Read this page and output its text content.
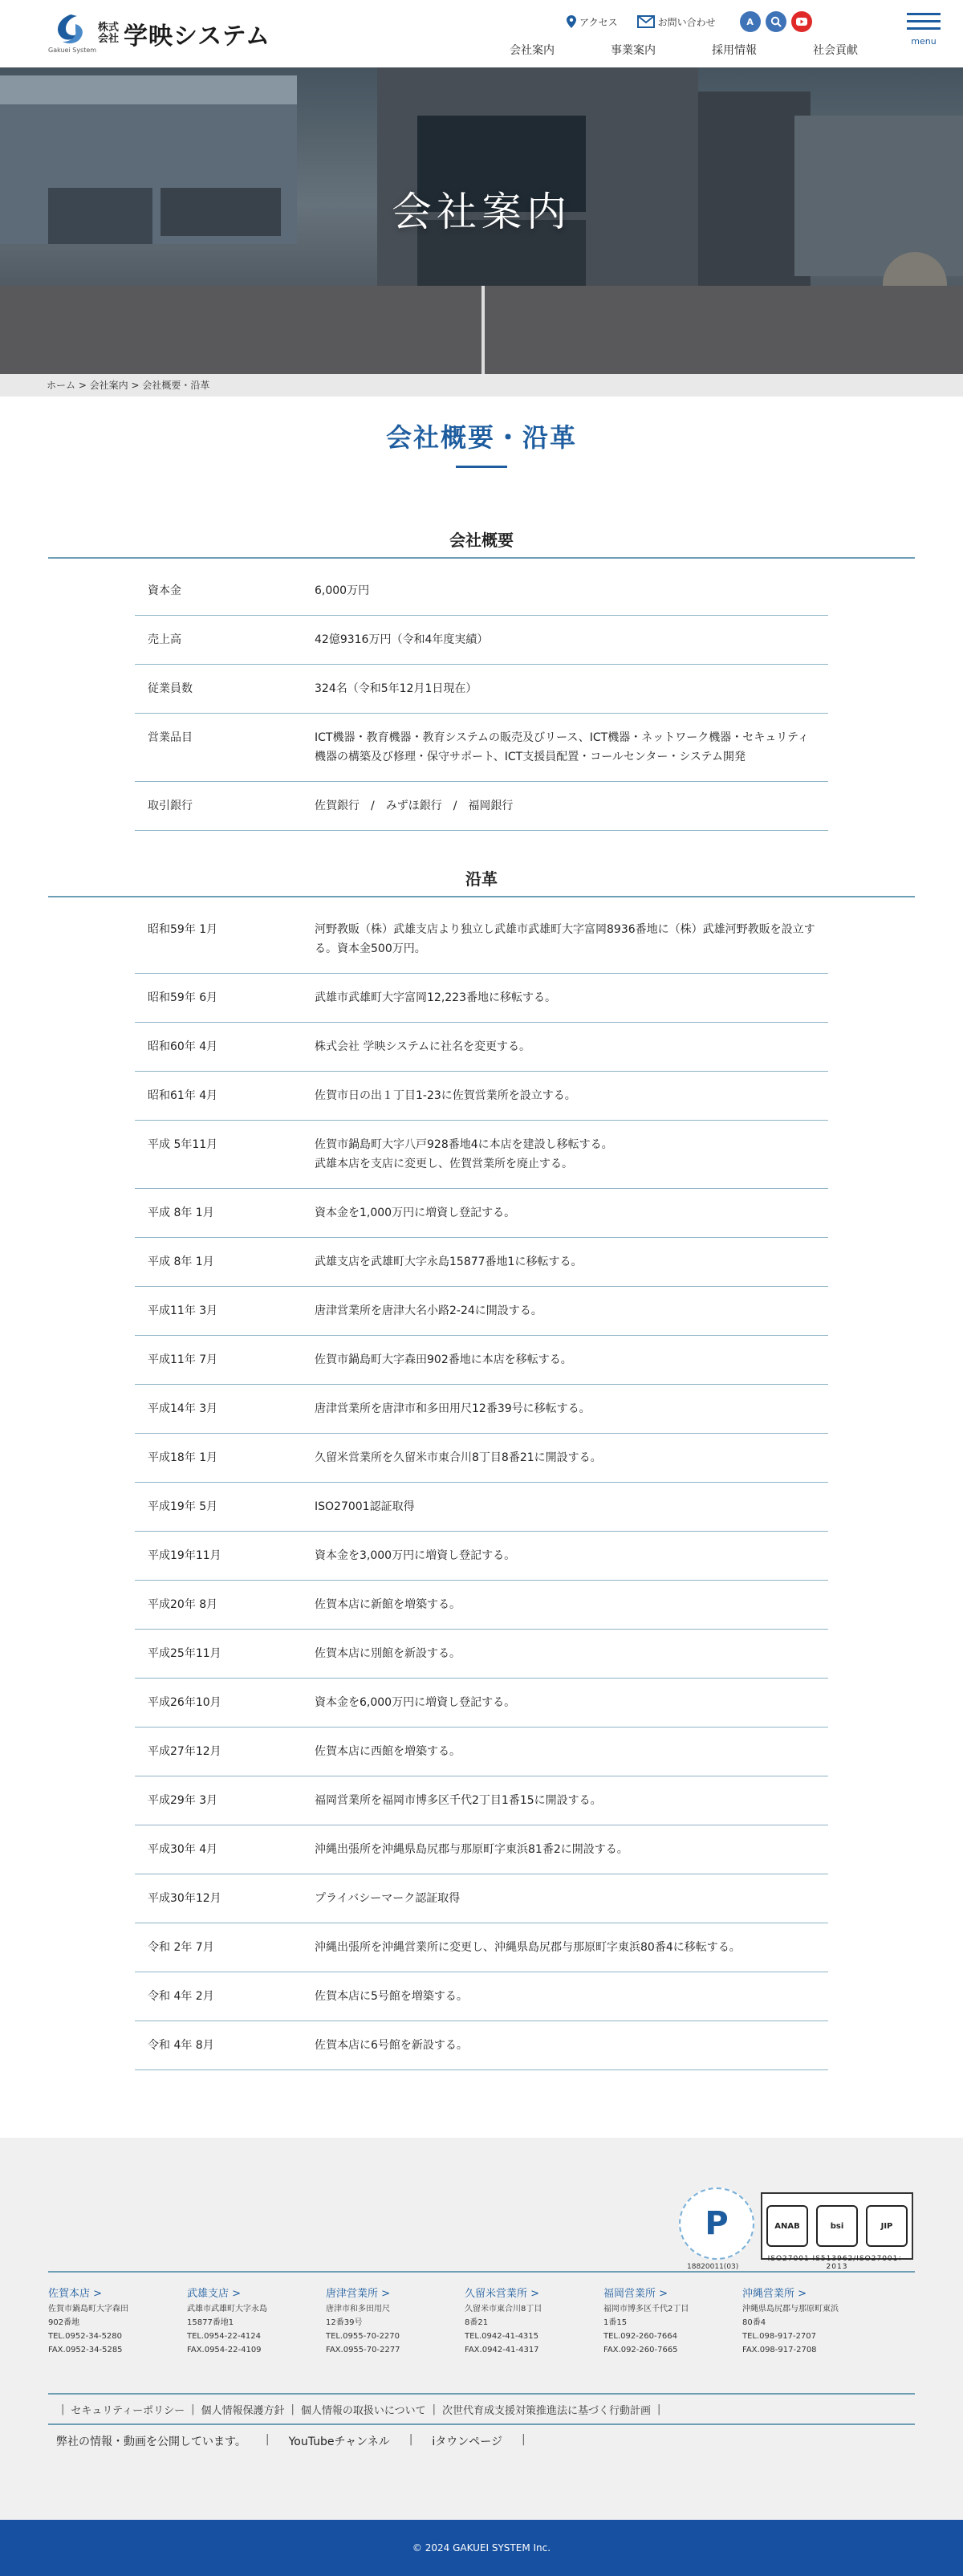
Gakuei System
株式
会社 学映システム
アクセス	お問い合わせ	A
会社案内	事業案内	採用情報	社会貢献
menu
会社案内
ホーム > 会社案内 > 会社概要・沿革
会社概要・沿革
会社概要
資本金	6,000万円
売上高	42億9316万円（令和4年度実績）
従業員数	324名（令和5年12月1日現在）
営業品目	ICT機器・教育機器・教育システムの販売及びリース、ICT機器・ネットワーク機器・セキュリティ機器の構築及び修理・保守サポート、ICT支援員配置・コールセンター・システム開発
取引銀行	佐賀銀行　/　みずほ銀行　/　福岡銀行
沿革
昭和59年 1月	河野教販（株）武雄支店より独立し武雄市武雄町大字富岡8936番地に（株）武雄河野教販を設立する。資本金500万円。
昭和59年 6月	武雄市武雄町大字富岡12,223番地に移転する。
昭和60年 4月	株式会社 学映システムに社名を変更する。
昭和61年 4月	佐賀市日の出１丁目1-23に佐賀営業所を設立する。
平成 5年11月	佐賀市鍋島町大字八戸928番地4に本店を建設し移転する。
武雄本店を支店に変更し、佐賀営業所を廃止する。
平成 8年 1月	資本金を1,000万円に増資し登記する。
平成 8年 1月	武雄支店を武雄町大字永島15877番地1に移転する。
平成11年 3月	唐津営業所を唐津大名小路2-24に開設する。
平成11年 7月	佐賀市鍋島町大字森田902番地に本店を移転する。
平成14年 3月	唐津営業所を唐津市和多田用尺12番39号に移転する。
平成18年 1月	久留米営業所を久留米市東合川8丁目8番21に開設する。
平成19年 5月	ISO27001認証取得
平成19年11月	資本金を3,000万円に増資し登記する。
平成20年 8月	佐賀本店に新館を増築する。
平成25年11月	佐賀本店に別館を新設する。
平成26年10月	資本金を6,000万円に増資し登記する。
平成27年12月	佐賀本店に西館を増築する。
平成29年 3月	福岡営業所を福岡市博多区千代2丁目1番15に開設する。
平成30年 4月	沖縄出張所を沖縄県島尻郡与那原町字東浜81番2に開設する。
平成30年12月	プライバシーマーク認証取得
令和 2年 7月	沖縄出張所を沖縄営業所に変更し、沖縄県島尻郡与那原町字東浜80番4に移転する。
令和 4年 2月	佐賀本店に5号館を増築する。
令和 4年 8月	佐賀本店に6号館を新設する。
P
18820011(03)
ANAB	bsi	JIP
ISO27001 IS513962/ISO27001：2013
佐賀本店 >
佐賀市鍋島町大字森田
902番地
TEL.0952-34-5280
FAX.0952-34-5285
武雄支店 >
武雄市武雄町大字永島
15877番地1
TEL.0954-22-4124
FAX.0954-22-4109
唐津営業所 >
唐津市和多田用尺
12番39号
TEL.0955-70-2270
FAX.0955-70-2277
久留米営業所 >
久留米市東合川8丁目
8番21
TEL.0942-41-4315
FAX.0942-41-4317
福岡営業所 >
福岡市博多区千代2丁目
1番15
TEL.092-260-7664
FAX.092-260-7665
沖縄営業所 >
沖縄県島尻郡与那原町東浜
80番4
TEL.098-917-2707
FAX.098-917-2708
| セキュリティーポリシー | 個人情報保護方針 | 個人情報の取扱いについて | 次世代育成支援対策推進法に基づく行動計画 |
弊社の情報・動画を公開しています。 | YouTubeチャンネル | iタウンページ |
© 2024 GAKUEI SYSTEM Inc.
